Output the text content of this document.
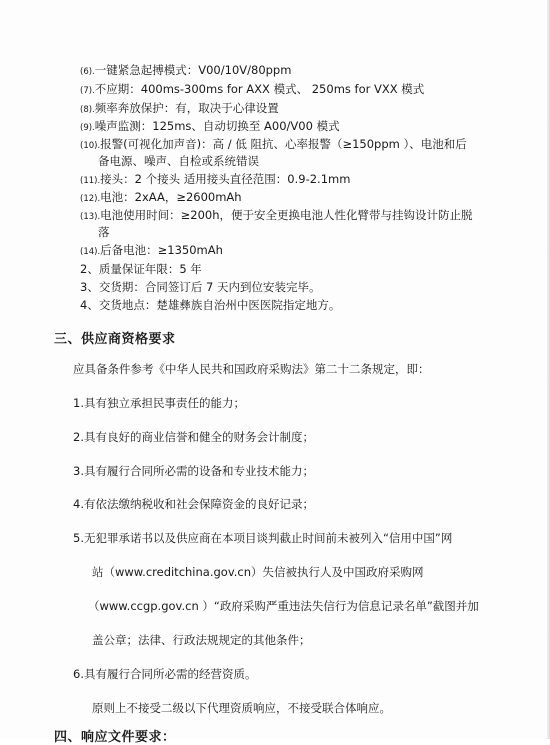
(6).一键紧急起搏模式：V00/10V/80ppm
(7).不应期：400ms-300ms for AXX 模式、 250ms for VXX 模式
(8).频率奔放保护：有，取决于心律设置
(9).噪声监测：125ms、自动切换至 A00/V00 模式
(10).报警(可视化加声音)：高 / 低 阻抗、心率报警（≥150ppm ）、电池和后
备电源、噪声、自检或系统错误
(11).接头：2 个接头 适用接头直径范围：0.9-2.1mm
(12).电池：2xAA，≥2600mAh
(13).电池使用时间：≥200h，便于安全更换电池人性化臂带与挂钩设计防止脱
落
(14).后备电池：≥1350mAh
2、质量保证年限：5 年
3、交货期：合同签订后 7 天内到位安装完毕。
4、交货地点：楚雄彝族自治州中医医院指定地方。
三、供应商资格要求
应具备条件参考《中华人民共和国政府采购法》第二十二条规定，即：
1.具有独立承担民事责任的能力；
2.具有良好的商业信誉和健全的财务会计制度；
3.具有履行合同所必需的设备和专业技术能力；
4.有依法缴纳税收和社会保障资金的良好记录；
5.无犯罪承诺书以及供应商在本项目谈判截止时间前未被列入“信用中国”网
站（www.creditchina.gov.cn）失信被执行人及中国政府采购网
（www.ccgp.gov.cn ）“政府采购严重违法失信行为信息记录名单”截图并加
盖公章；法律、行政法规规定的其他条件；
6.具有履行合同所必需的经营资质。
原则上不接受二级以下代理资质响应，不接受联合体响应。
四、响应文件要求：
